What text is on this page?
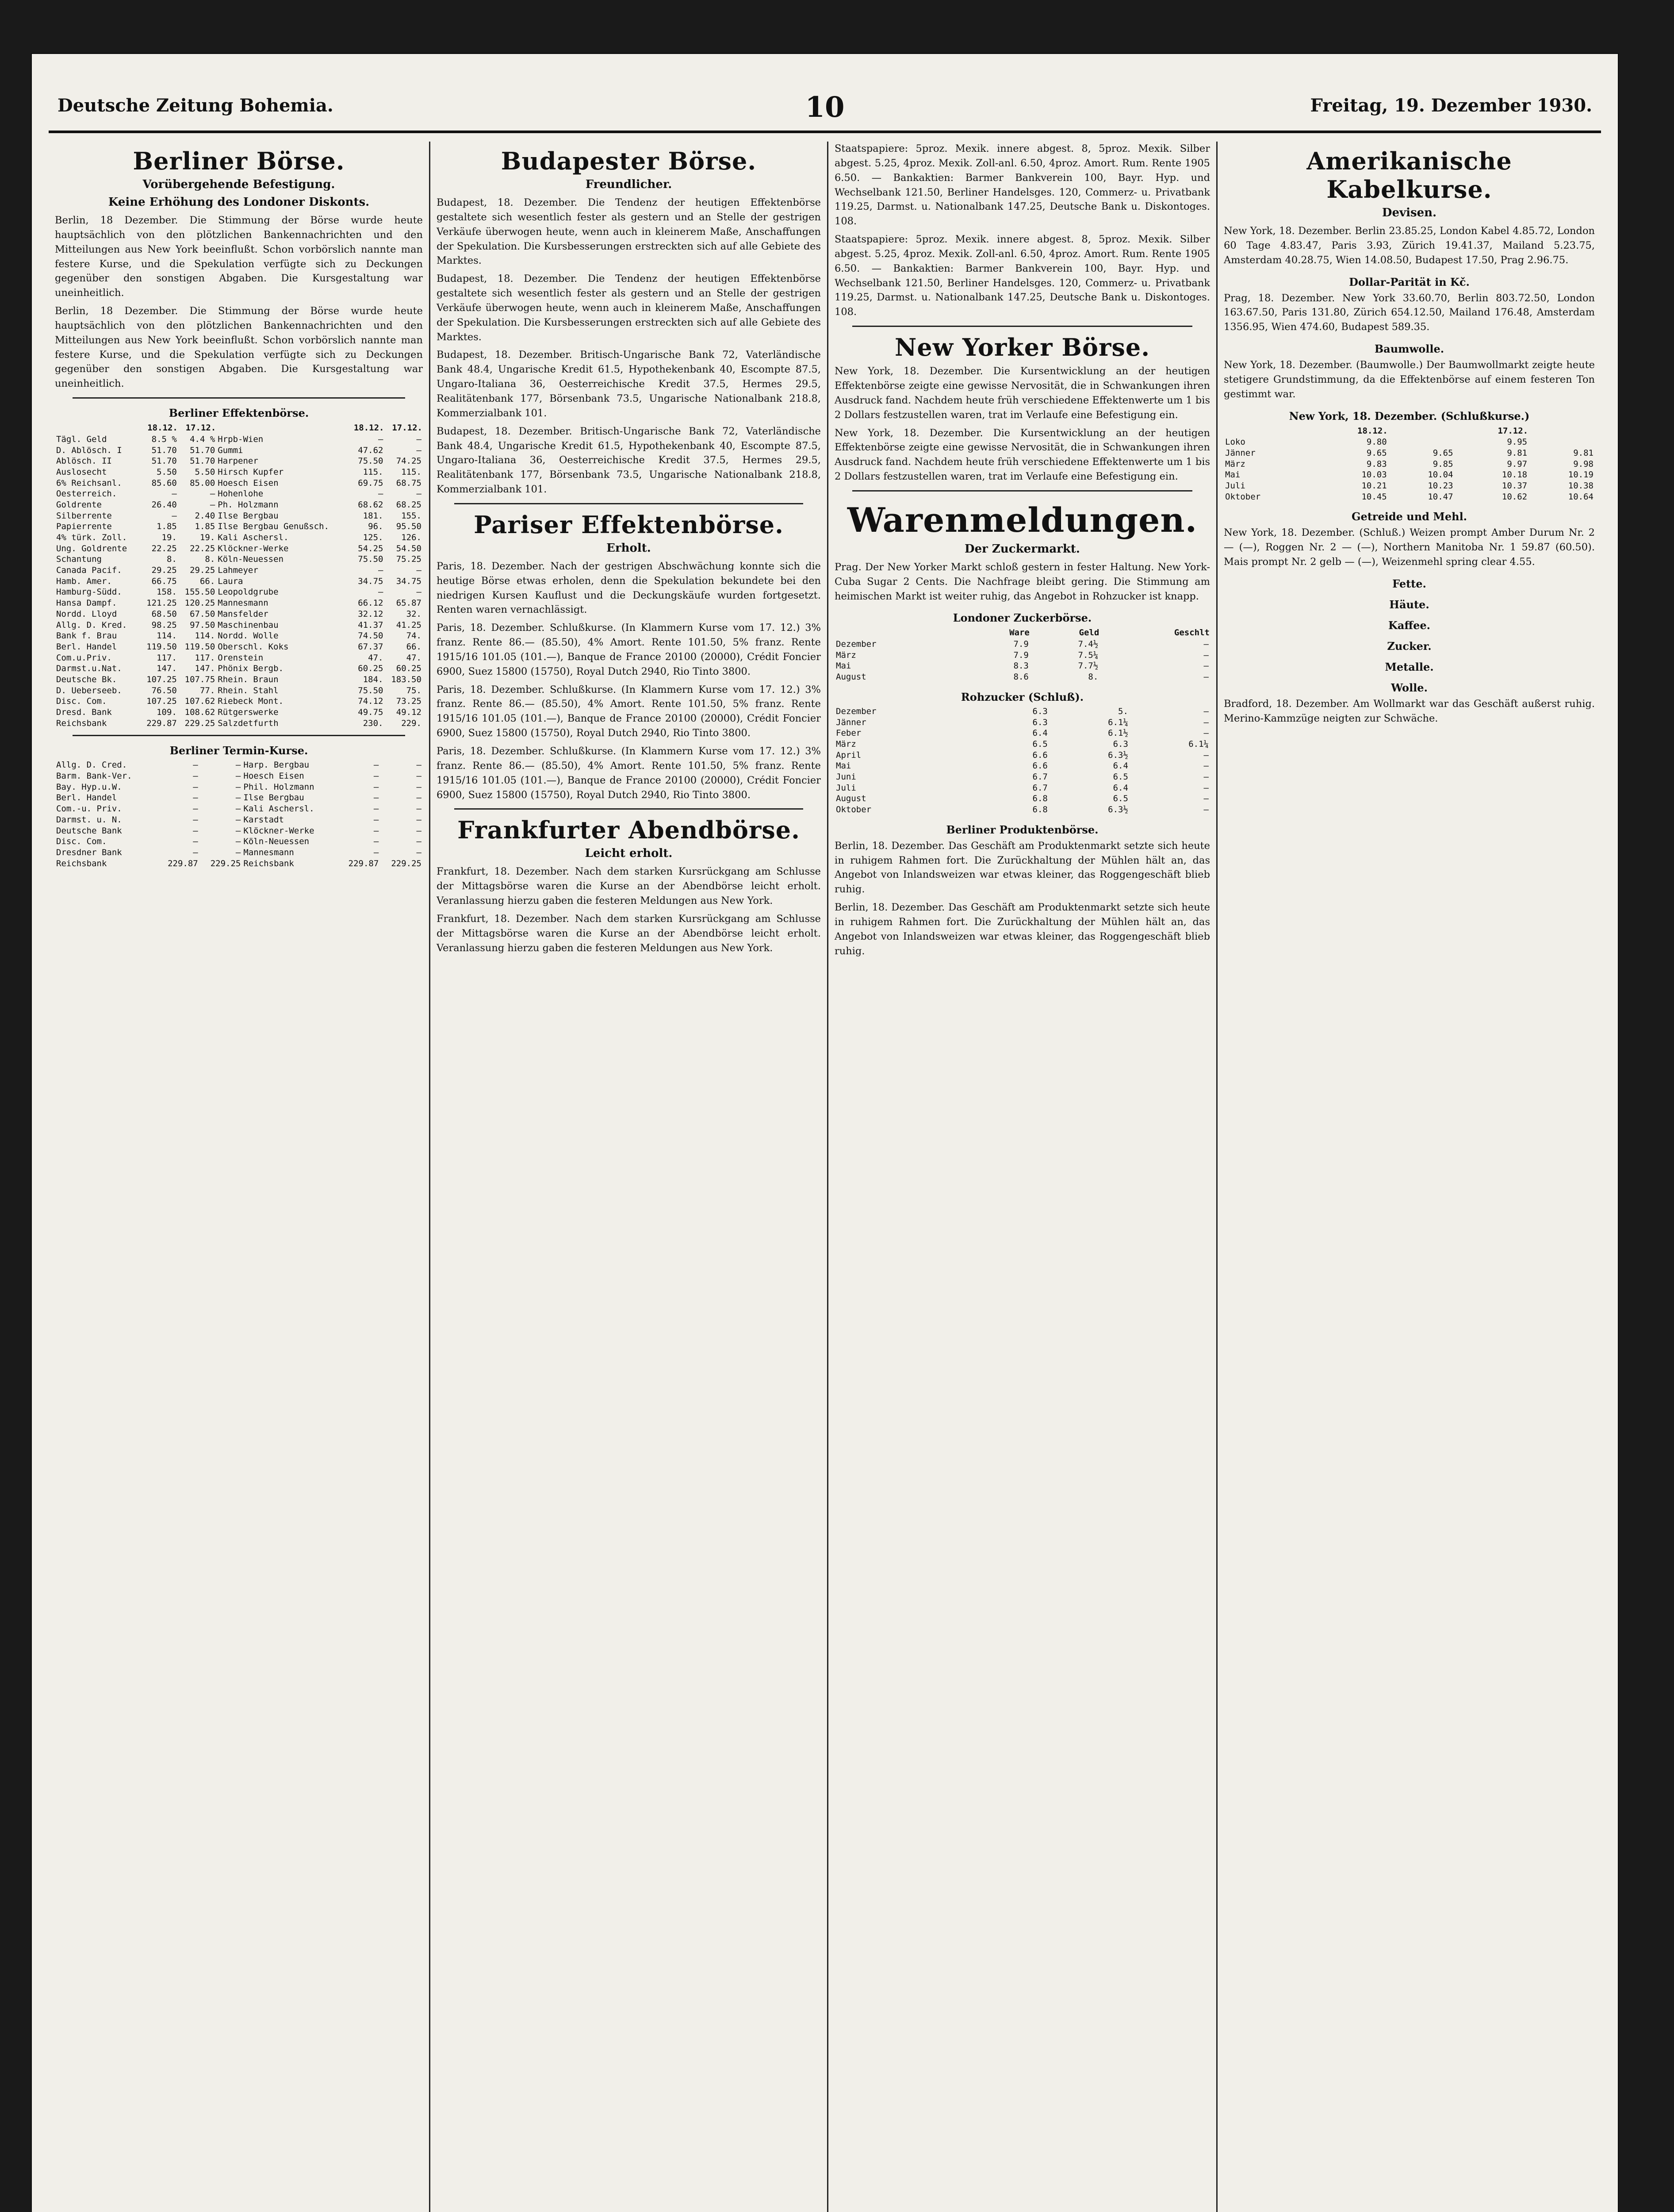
Deutsche Zeitung Bohemia.	10	Freitag, 19. Dezember 1930.
Berliner Börse.
Vorübergehende Befestigung.
Keine Erhöhung des Londoner Diskonts.

Berlin, 18 Dezember. Die Stimmung der Börse wurde heute hauptsächlich von den plötzlichen Bankennachrichten und den Mitteilungen aus New York beeinflußt. Schon vorbörslich nannte man festere Kurse, und die Spekulation verfügte sich zu Deckungen gegenüber den sonstigen Abgaben. Die Kursgestaltung war uneinheitlich.

Berlin, 18 Dezember. Die Stimmung der Börse wurde heute hauptsächlich von den plötzlichen Bankennachrichten und den Mitteilungen aus New York beeinflußt. Schon vorbörslich nannte man festere Kurse, und die Spekulation verfügte sich zu Deckungen gegenüber den sonstigen Abgaben. Die Kursgestaltung war uneinheitlich.

Berliner Effektenbörse.
	18.12.	17.12.		18.12.	17.12.
Tägl. Geld	8.5 %	4.4 %	Hrpb-Wien	—	—
D. Ablösch. I	51.70	51.70	Gummi	47.62	—
Ablösch. II	51.70	51.70	Harpener	75.50	74.25
Auslosecht	5.50	5.50	Hirsch Kupfer	115.	115.
6% Reichsanl.	85.60	85.00	Hoesch Eisen	69.75	68.75
Oesterreich.	—	—	Hohenlohe	—	—
Goldrente	26.40	—	Ph. Holzmann	68.62	68.25
Silberrente	—	2.40	Ilse Bergbau	181.	155.
Papierrente	1.85	1.85	Ilse Bergbau Genußsch.	96.	95.50
4% türk. Zoll.	19.	19.	Kali Aschersl.	125.	126.
Ung. Goldrente	22.25	22.25	Klöckner-Werke	54.25	54.50
Schantung	8.	8.	Köln-Neuessen	75.50	75.25
Canada Pacif.	29.25	29.25	Lahmeyer	—	—
Hamb. Amer.	66.75	66.	Laura	34.75	34.75
Hamburg-Südd.	158.	155.50	Leopoldgrube	—	—
Hansa Dampf.	121.25	120.25	Mannesmann	66.12	65.87
Nordd. Lloyd	68.50	67.50	Mansfelder	32.12	32.
Allg. D. Kred.	98.25	97.50	Maschinenbau	41.37	41.25
Bank f. Brau	114.	114.	Nordd. Wolle	74.50	74.
Berl. Handel	119.50	119.50	Oberschl. Koks	67.37	66.
Com.u.Priv.	117.	117.	Orenstein	47.	47.
Darmst.u.Nat.	147.	147.	Phönix Bergb.	60.25	60.25
Deutsche Bk.	107.25	107.75	Rhein. Braun	184.	183.50
D. Ueberseeb.	76.50	77.	Rhein. Stahl	75.50	75.
Disc. Com.	107.25	107.62	Riebeck Mont.	74.12	73.25
Dresd. Bank	109.	108.62	Rütgerswerke	49.75	49.12
Reichsbank	229.87	229.25	Salzdetfurth	230.	229.
Berliner Termin-Kurse.
Allg. D. Cred.	—	—	Harp. Bergbau	—	—
Barm. Bank-Ver.	—	—	Hoesch Eisen	—	—
Bay. Hyp.u.W.	—	—	Phil. Holzmann	—	—
Berl. Handel	—	—	Ilse Bergbau	—	—
Com.-u. Priv.	—	—	Kali Aschersl.	—	—
Darmst. u. N.	—	—	Karstadt	—	—
Deutsche Bank	—	—	Klöckner-Werke	—	—
Disc. Com.	—	—	Köln-Neuessen	—	—
Dresdner Bank	—	—	Mannesmann	—	—
Reichsbank	229.87	229.25	Reichsbank	229.87	229.25
Budapester Börse.
Freundlicher.

Budapest, 18. Dezember. Die Tendenz der heutigen Effektenbörse gestaltete sich wesentlich fester als gestern und an Stelle der gestrigen Verkäufe überwogen heute, wenn auch in kleinerem Maße, Anschaffungen der Spekulation. Die Kursbesserungen erstreckten sich auf alle Gebiete des Marktes.

Budapest, 18. Dezember. Die Tendenz der heutigen Effektenbörse gestaltete sich wesentlich fester als gestern und an Stelle der gestrigen Verkäufe überwogen heute, wenn auch in kleinerem Maße, Anschaffungen der Spekulation. Die Kursbesserungen erstreckten sich auf alle Gebiete des Marktes.

Budapest, 18. Dezember. Britisch-Ungarische Bank 72, Vaterländische Bank 48.4, Ungarische Kredit 61.5, Hypothekenbank 40, Escompte 87.5, Ungaro-Italiana 36, Oesterreichische Kredit 37.5, Hermes 29.5, Realitätenbank 177, Börsenbank 73.5, Ungarische Nationalbank 218.8, Kommerzialbank 101.

Budapest, 18. Dezember. Britisch-Ungarische Bank 72, Vaterländische Bank 48.4, Ungarische Kredit 61.5, Hypothekenbank 40, Escompte 87.5, Ungaro-Italiana 36, Oesterreichische Kredit 37.5, Hermes 29.5, Realitätenbank 177, Börsenbank 73.5, Ungarische Nationalbank 218.8, Kommerzialbank 101.

Pariser Effektenbörse.
Erholt.

Paris, 18. Dezember. Nach der gestrigen Abschwächung konnte sich die heutige Börse etwas erholen, denn die Spekulation bekundete bei den niedrigen Kursen Kauflust und die Deckungskäufe wurden fortgesetzt. Renten waren vernachlässigt.

Paris, 18. Dezember. Schlußkurse. (In Klammern Kurse vom 17. 12.) 3% franz. Rente 86.— (85.50), 4% Amort. Rente 101.50, 5% franz. Rente 1915/16 101.05 (101.—), Banque de France 20100 (20000), Crédit Foncier 6900, Suez 15800 (15750), Royal Dutch 2940, Rio Tinto 3800.

Paris, 18. Dezember. Schlußkurse. (In Klammern Kurse vom 17. 12.) 3% franz. Rente 86.— (85.50), 4% Amort. Rente 101.50, 5% franz. Rente 1915/16 101.05 (101.—), Banque de France 20100 (20000), Crédit Foncier 6900, Suez 15800 (15750), Royal Dutch 2940, Rio Tinto 3800.

Paris, 18. Dezember. Schlußkurse. (In Klammern Kurse vom 17. 12.) 3% franz. Rente 86.— (85.50), 4% Amort. Rente 101.50, 5% franz. Rente 1915/16 101.05 (101.—), Banque de France 20100 (20000), Crédit Foncier 6900, Suez 15800 (15750), Royal Dutch 2940, Rio Tinto 3800.

Frankfurter Abendbörse.
Leicht erholt.

Frankfurt, 18. Dezember. Nach dem starken Kursrückgang am Schlusse der Mittagsbörse waren die Kurse an der Abendbörse leicht erholt. Veranlassung hierzu gaben die festeren Meldungen aus New York.

Frankfurt, 18. Dezember. Nach dem starken Kursrückgang am Schlusse der Mittagsbörse waren die Kurse an der Abendbörse leicht erholt. Veranlassung hierzu gaben die festeren Meldungen aus New York.

Staatspapiere: 5proz. Mexik. innere abgest. 8, 5proz. Mexik. Silber abgest. 5.25, 4proz. Mexik. Zoll-anl. 6.50, 4proz. Amort. Rum. Rente 1905 6.50. — Bankaktien: Barmer Bankverein 100, Bayr. Hyp. und Wechselbank 121.50, Berliner Handelsges. 120, Commerz- u. Privatbank 119.25, Darmst. u. Nationalbank 147.25, Deutsche Bank u. Diskontoges. 108.

Staatspapiere: 5proz. Mexik. innere abgest. 8, 5proz. Mexik. Silber abgest. 5.25, 4proz. Mexik. Zoll-anl. 6.50, 4proz. Amort. Rum. Rente 1905 6.50. — Bankaktien: Barmer Bankverein 100, Bayr. Hyp. und Wechselbank 121.50, Berliner Handelsges. 120, Commerz- u. Privatbank 119.25, Darmst. u. Nationalbank 147.25, Deutsche Bank u. Diskontoges. 108.

New Yorker Börse.

New York, 18. Dezember. Die Kursentwicklung an der heutigen Effektenbörse zeigte eine gewisse Nervosität, die in Schwankungen ihren Ausdruck fand. Nachdem heute früh verschiedene Effektenwerte um 1 bis 2 Dollars festzustellen waren, trat im Verlaufe eine Befestigung ein.

New York, 18. Dezember. Die Kursentwicklung an der heutigen Effektenbörse zeigte eine gewisse Nervosität, die in Schwankungen ihren Ausdruck fand. Nachdem heute früh verschiedene Effektenwerte um 1 bis 2 Dollars festzustellen waren, trat im Verlaufe eine Befestigung ein.

Warenmeldungen.
Der Zuckermarkt.

Prag. Der New Yorker Markt schloß gestern in fester Haltung. New York-Cuba Sugar 2 Cents. Die Nachfrage bleibt gering. Die Stimmung am heimischen Markt ist weiter ruhig, das Angebot in Rohzucker ist knapp.

Londoner Zuckerbörse.
	Ware	Geld	Geschlt
Dezember	7.9	7.4½	—
März	7.9	7.5¼	—
Mai	8.3	7.7½	—
August	8.6	8.	—
Rohzucker (Schluß).
Dezember	6.3	5.	—
Jänner	6.3	6.1¼	—
Feber	6.4	6.1½	—
März	6.5	6.3	6.1¼
April	6.6	6.3½	—
Mai	6.6	6.4	—
Juni	6.7	6.5	—
Juli	6.7	6.4	—
August	6.8	6.5	—
Oktober	6.8	6.3½	—
Berliner Produktenbörse.

Berlin, 18. Dezember. Das Geschäft am Produktenmarkt setzte sich heute in ruhigem Rahmen fort. Die Zurückhaltung der Mühlen hält an, das Angebot von Inlandsweizen war etwas kleiner, das Roggengeschäft blieb ruhig.

Berlin, 18. Dezember. Das Geschäft am Produktenmarkt setzte sich heute in ruhigem Rahmen fort. Die Zurückhaltung der Mühlen hält an, das Angebot von Inlandsweizen war etwas kleiner, das Roggengeschäft blieb ruhig.

Amerikanische Kabelkurse.
Devisen.

New York, 18. Dezember. Berlin 23.85.25, London Kabel 4.85.72, London 60 Tage 4.83.47, Paris 3.93, Zürich 19.41.37, Mailand 5.23.75, Amsterdam 40.28.75, Wien 14.08.50, Budapest 17.50, Prag 2.96.75.

Dollar-Parität in Kč.

Prag, 18. Dezember. New York 33.60.70, Berlin 803.72.50, London 163.67.50, Paris 131.80, Zürich 654.12.50, Mailand 176.48, Amsterdam 1356.95, Wien 474.60, Budapest 589.35.

Baumwolle.

New York, 18. Dezember. (Baumwolle.) Der Baumwollmarkt zeigte heute stetigere Grundstimmung, da die Effektenbörse auf einem festeren Ton gestimmt war.

New York, 18. Dezember. (Schlußkurse.)
	18.12.		17.12.	
Loko	9.80		9.95	
Jänner	9.65	9.65	9.81	9.81
März	9.83	9.85	9.97	9.98
Mai	10.03	10.04	10.18	10.19
Juli	10.21	10.23	10.37	10.38
Oktober	10.45	10.47	10.62	10.64
Getreide und Mehl.

New York, 18. Dezember. (Schluß.) Weizen prompt Amber Durum Nr. 2 — (—), Roggen Nr. 2 — (—), Northern Manitoba Nr. 1 59.87 (60.50). Mais prompt Nr. 2 gelb — (—), Weizenmehl spring clear 4.55.

Fette.
Häute.
Kaffee.
Zucker.
Metalle.
Wolle.

Bradford, 18. Dezember. Am Wollmarkt war das Geschäft außerst ruhig. Merino-Kammzüge neigten zur Schwäche.
